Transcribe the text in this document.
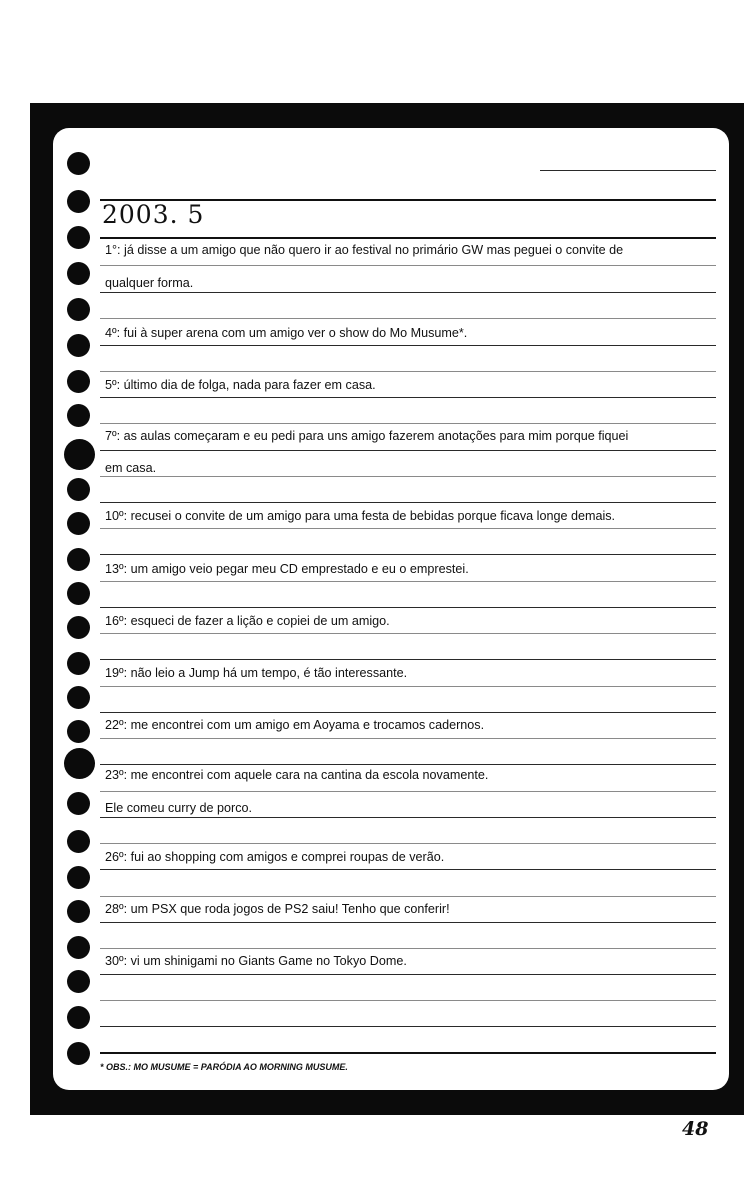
2003. 5
1°: já disse a um amigo que não quero ir ao festival no primário GW mas peguei o convite de
qualquer forma.
4º: fui à super arena com um amigo ver o show do Mo Musume*.
5º: último dia de folga, nada para fazer em casa.
7º: as aulas começaram e eu pedi para uns amigo fazerem anotações para mim porque fiquei
em casa.
10º: recusei o convite de um amigo para uma festa de bebidas porque ficava longe demais.
13º: um amigo veio pegar meu CD emprestado e eu o emprestei.
16º: esqueci de fazer a lição e copiei de um amigo.
19º: não leio a Jump há um tempo, é tão interessante.
22º: me encontrei com um amigo em Aoyama e trocamos cadernos.
23º: me encontrei com aquele cara na cantina da escola novamente.
Ele comeu curry de porco.
26º: fui ao shopping com amigos e comprei roupas de verão.
28º: um PSX que roda jogos de PS2 saiu! Tenho que conferir!
30º: vi um shinigami no Giants Game no Tokyo Dome.
* OBS.: MO MUSUME = PARÓDIA AO MORNING MUSUME.
48
